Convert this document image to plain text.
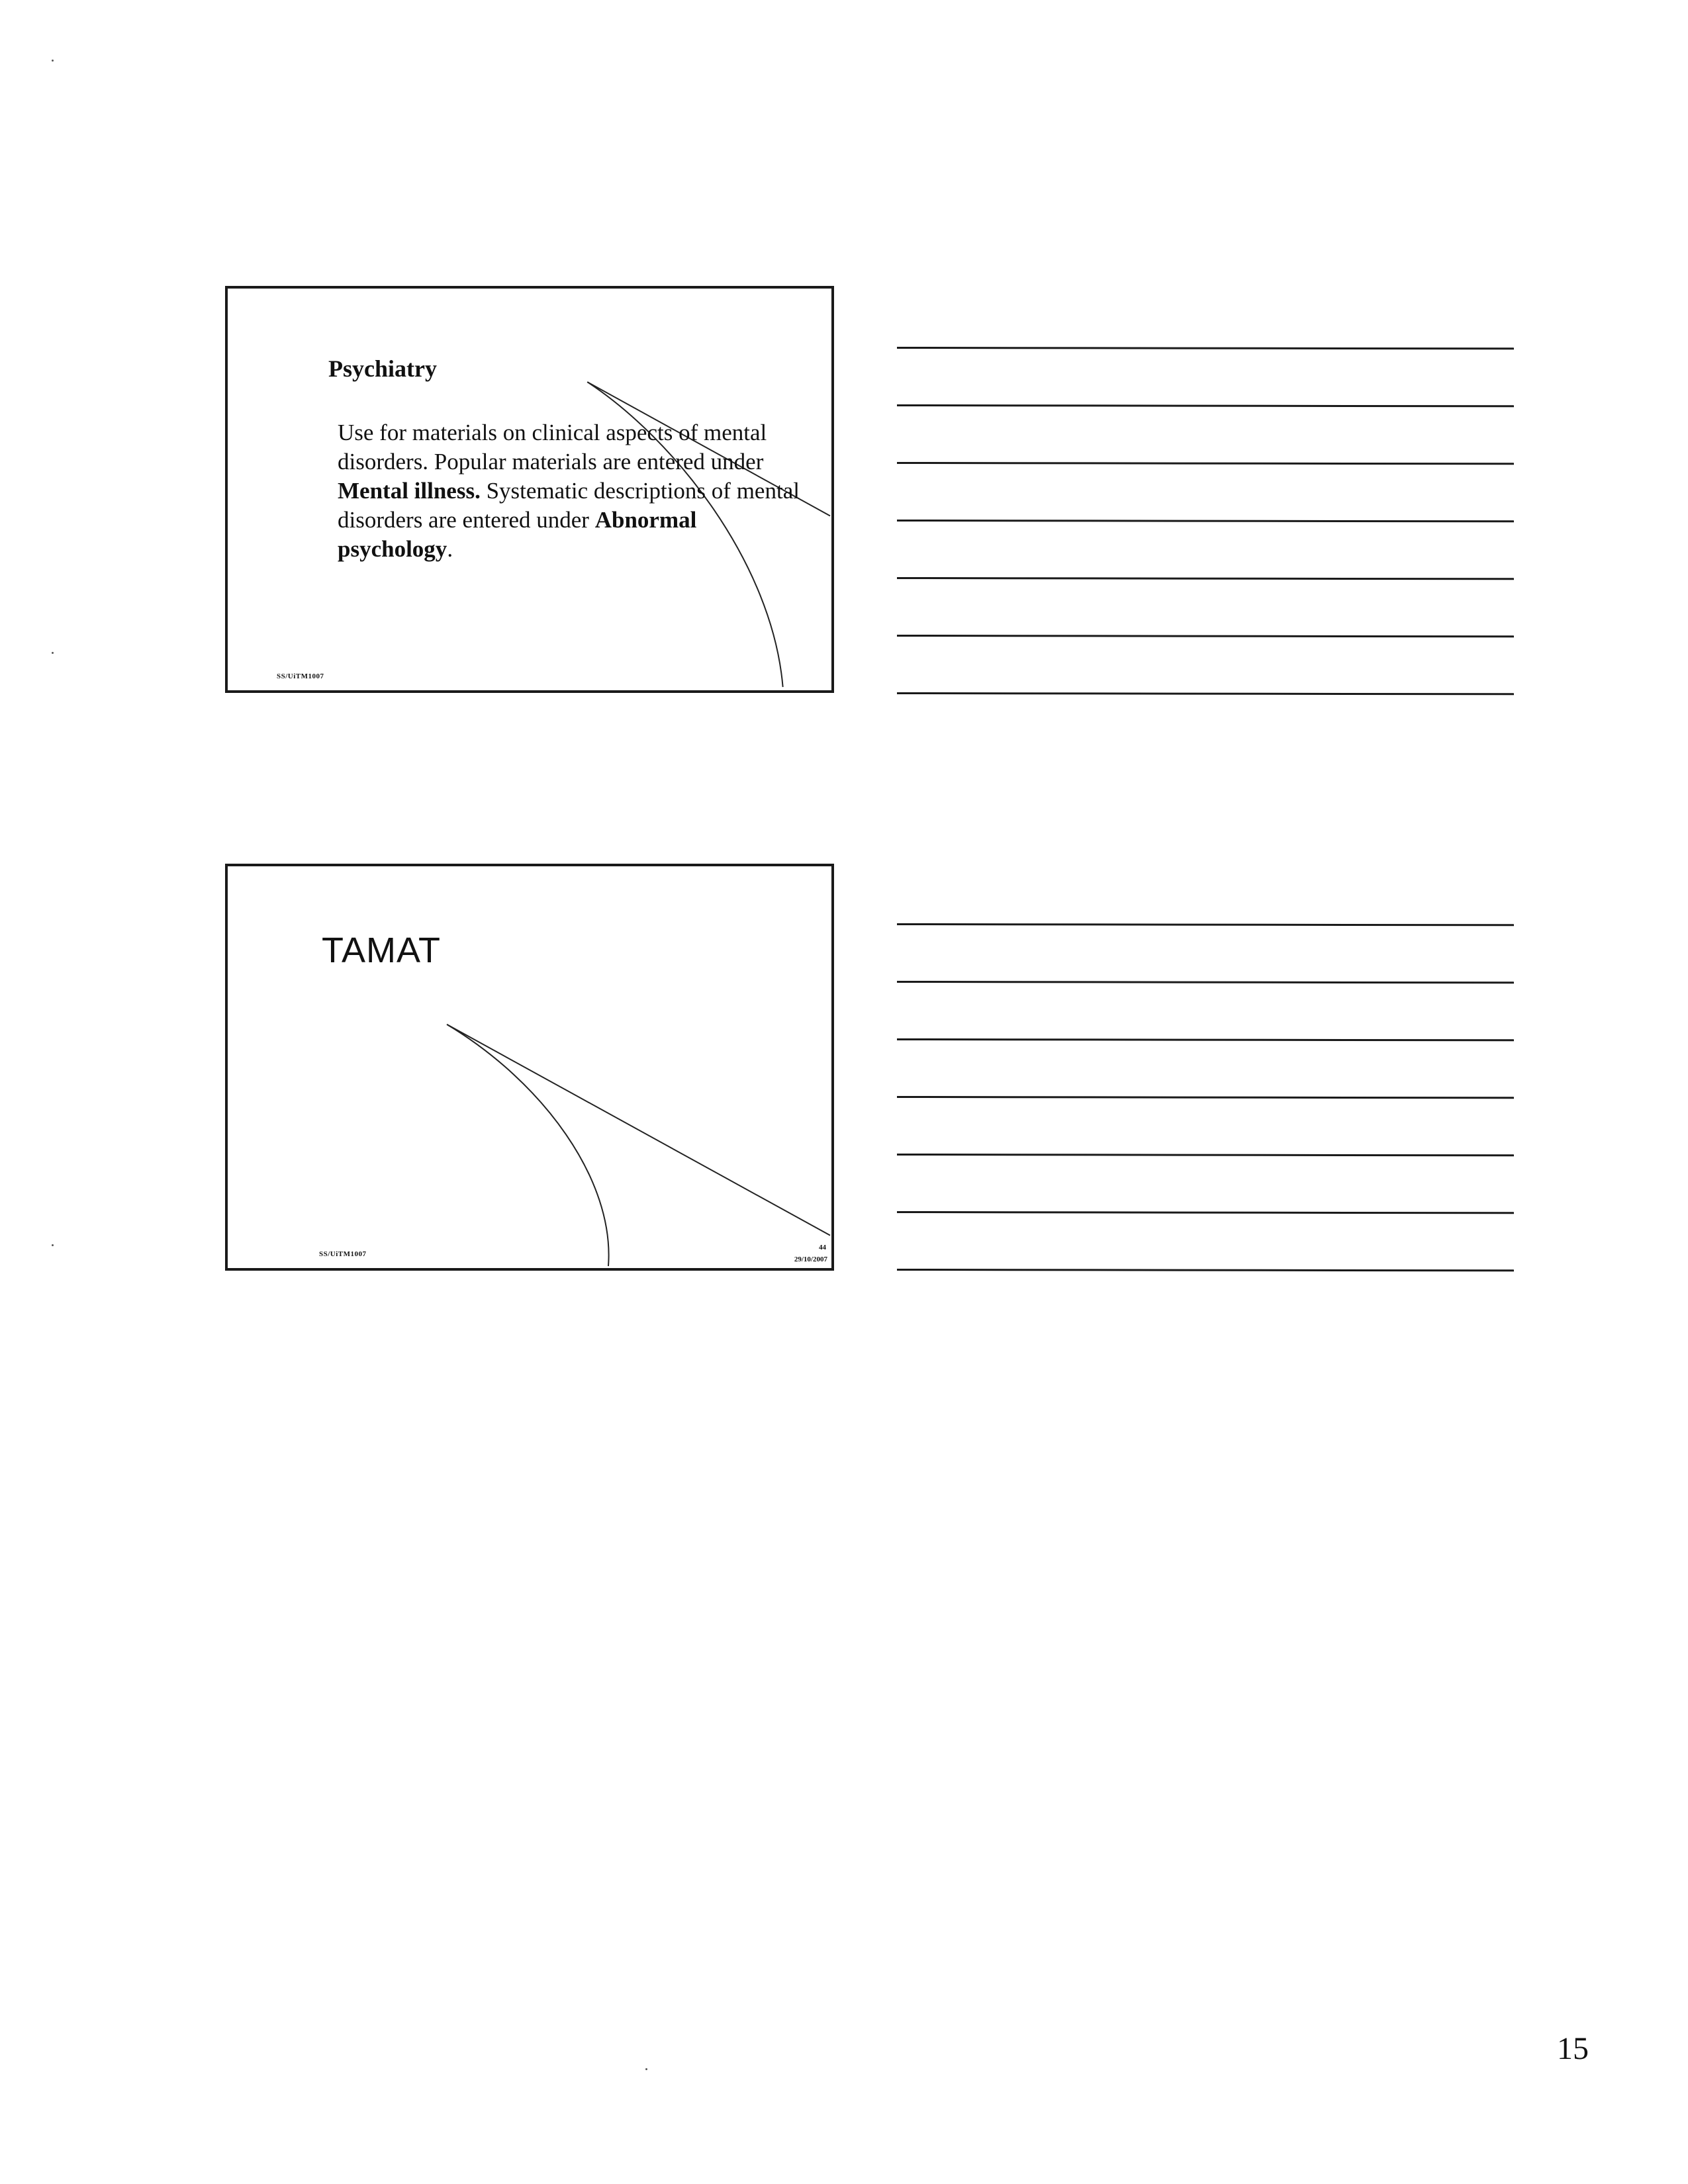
Psychiatry
Use for materials on clinical aspects of mental disorders. Popular materials are entered under Mental illness. Systematic descriptions of mental disorders are entered under Abnormal psychology.
SS/UiTM1007
TAMAT
SS/UiTM1007
44
29/10/2007
15
